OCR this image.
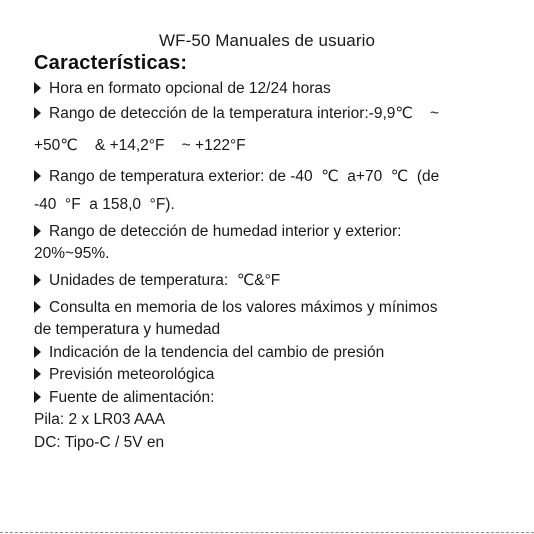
WF-50 Manuales de usuario
Características:
Hora en formato opcional de 12/24 horas
Rango de detección de la temperatura interior:-9,9℃    ~
+50℃    & +14,2°F    ~ +122°F
Rango de temperatura exterior: de -40  ℃  a+70  ℃  (de
-40  °F  a 158,0  °F).
Rango de detección de humedad interior y exterior:
20%~95%.
Unidades de temperatura:  ℃&°F
Consulta en memoria de los valores máximos y mínimos
de temperatura y humedad
Indicación de la tendencia del cambio de presión
Previsión meteorológica
Fuente de alimentación:
Pila: 2 x LR03 AAA
DC: Tipo-C / 5V en
